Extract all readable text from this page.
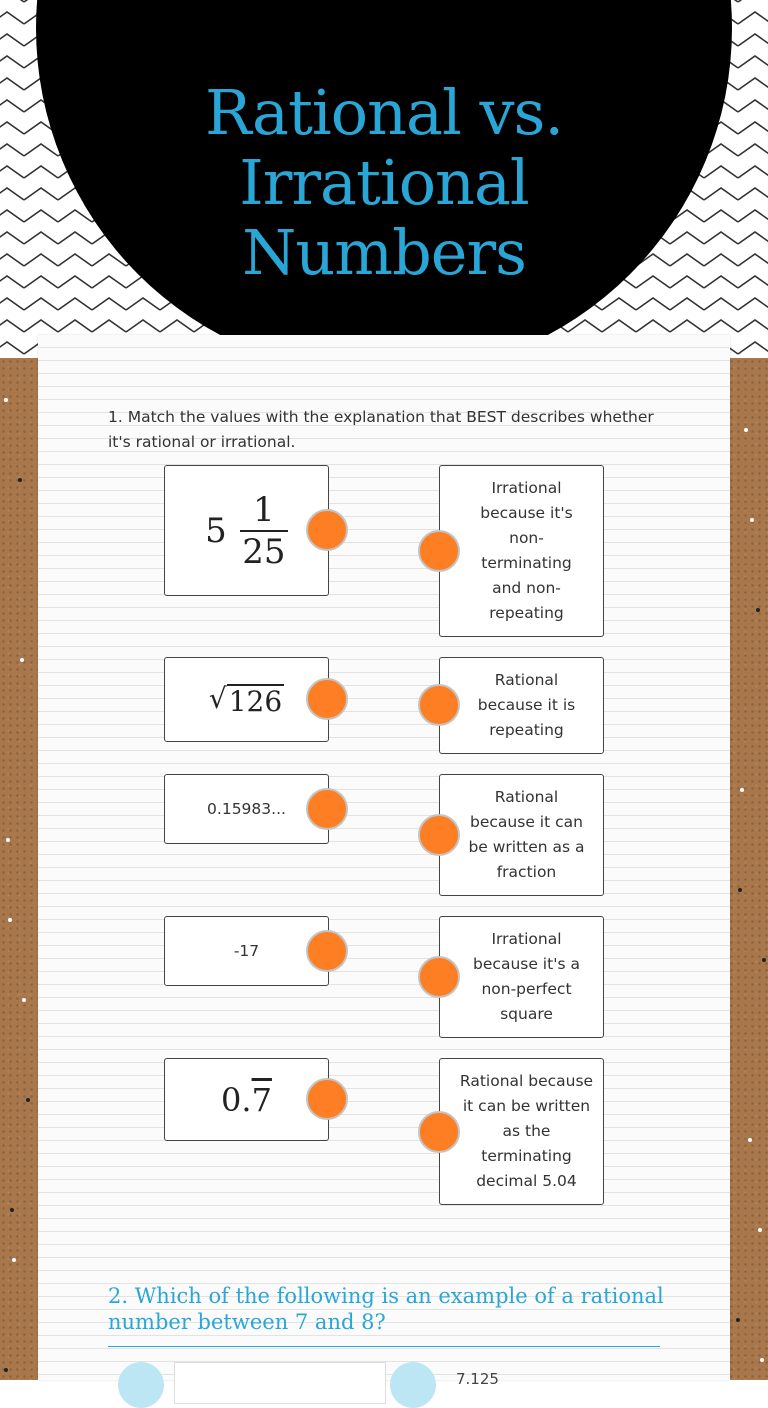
Rational vs. Irrational Numbers
1. Match the values with the explanation that BEST describes whether it's rational or irrational.
$5 \frac{1}{25}$
√ 126
0.15983...
-17
0.7
Irrational because it's non-terminating and non-repeating
Rational because it is repeating
Rational because it can be written as a fraction
Irrational because it's a non-perfect square
Rational because it can be written as the terminating decimal 5.04
2. Which of the following is an example of a rational number between 7 and 8?
7.125
